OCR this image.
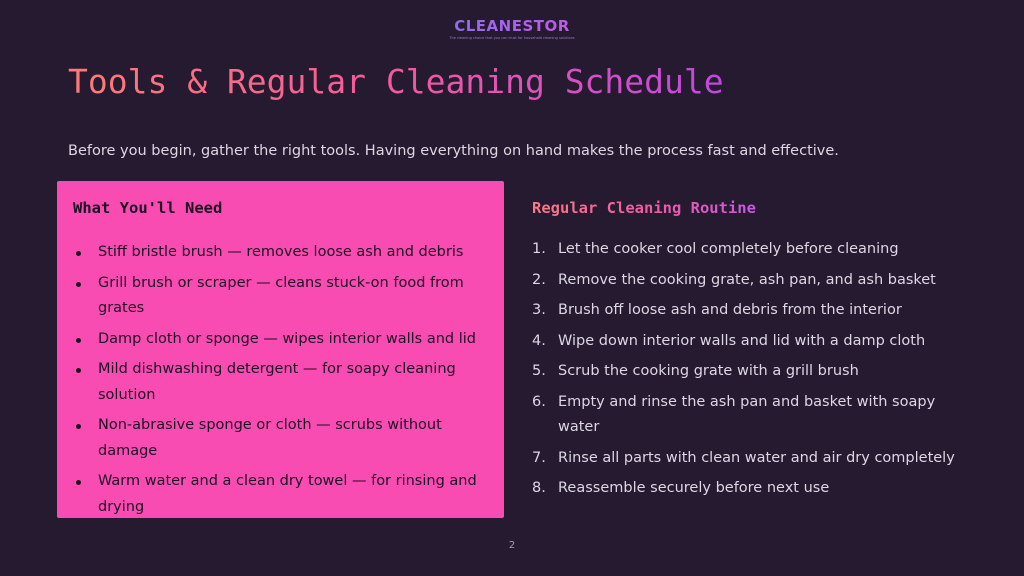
CLEANESTOR
The cleaning choice that you can trust for household cleaning solutions
Tools & Regular Cleaning Schedule

Before you begin, gather the right tools. Having everything on hand makes the process fast and effective.

What You'll Need
Stiff bristle brush — removes loose ash and debris
Grill brush or scraper — cleans stuck-on food from grates
Damp cloth or sponge — wipes interior walls and lid
Mild dishwashing detergent — for soapy cleaning solution
Non-abrasive sponge or cloth — scrubs without damage
Warm water and a clean dry towel — for rinsing and drying
Regular Cleaning Routine
1. Let the cooker cool completely before cleaning
2. Remove the cooking grate, ash pan, and ash basket
3. Brush off loose ash and debris from the interior
4. Wipe down interior walls and lid with a damp cloth
5. Scrub the cooking grate with a grill brush
6. Empty and rinse the ash pan and basket with soapy water
7. Rinse all parts with clean water and air dry completely
8. Reassemble securely before next use
2
